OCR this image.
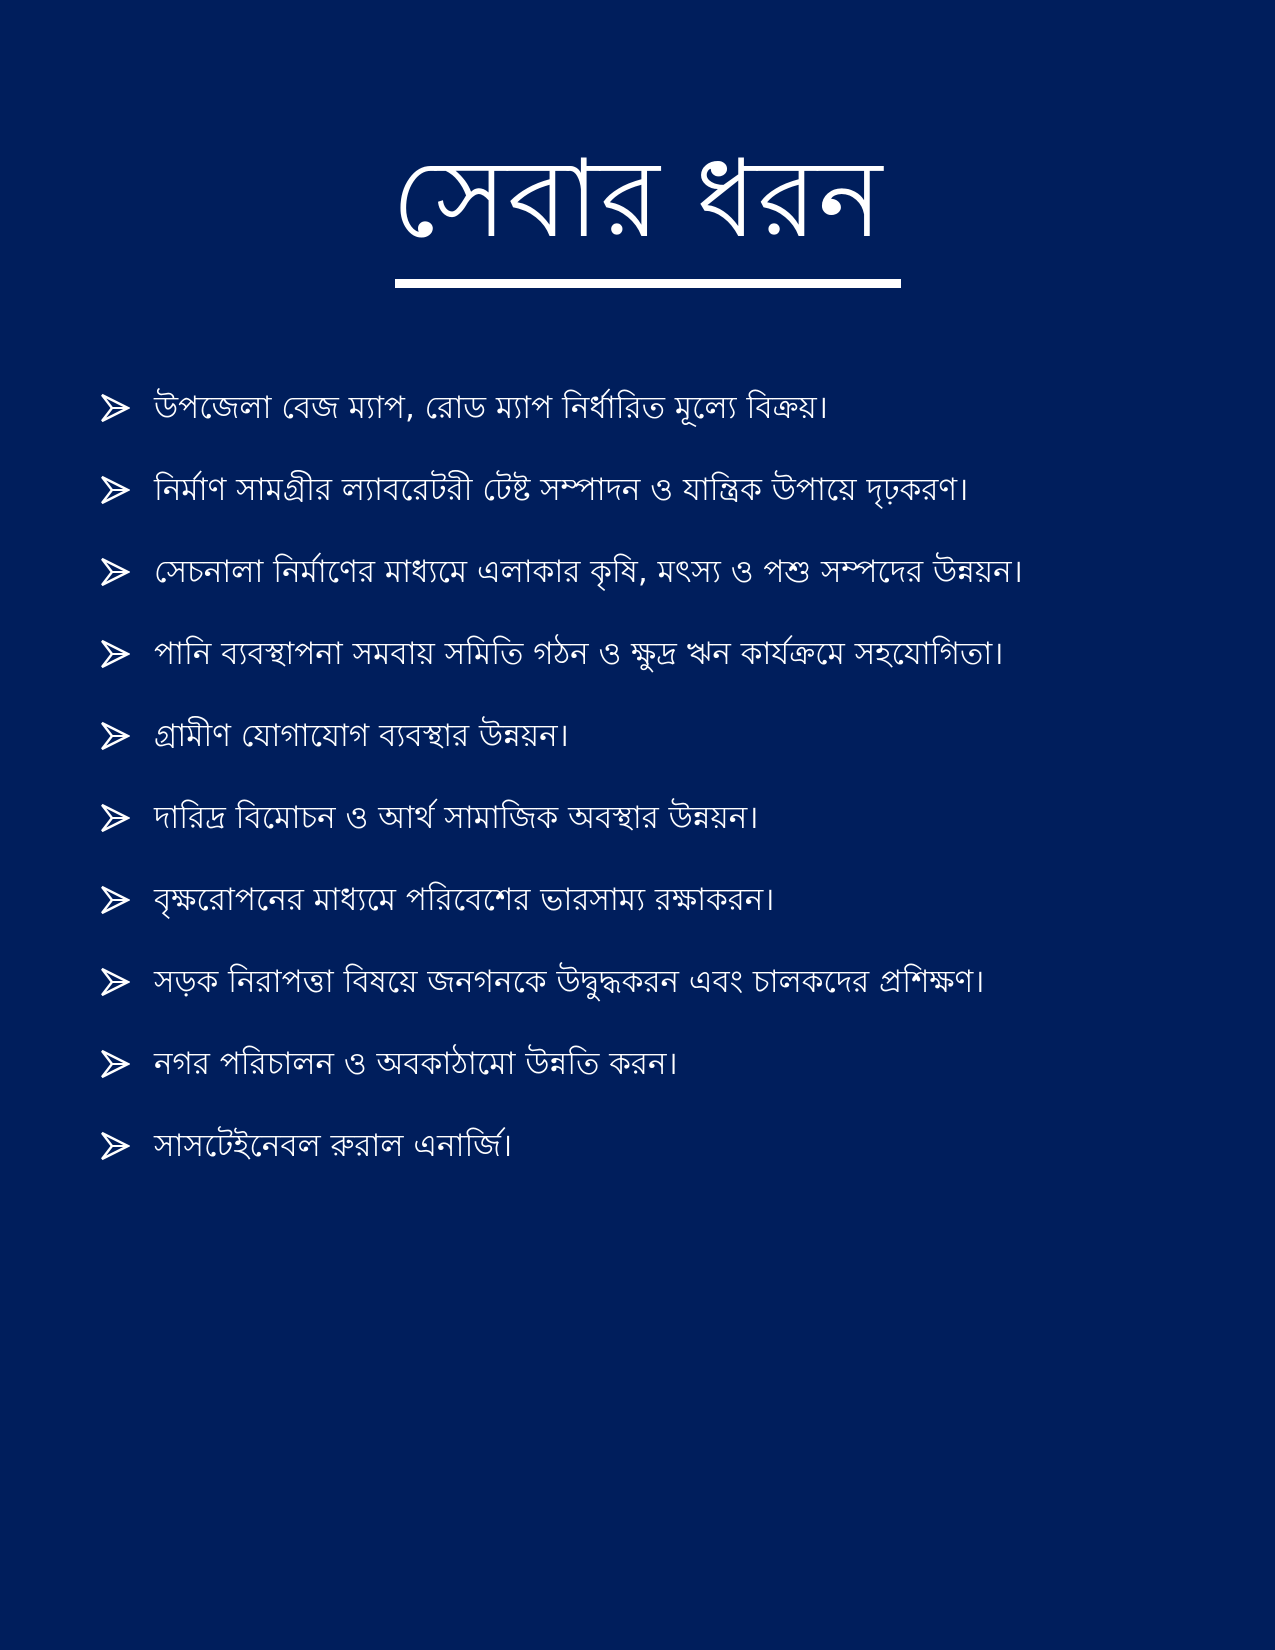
সেবার ধরন
উপজেলা বেজ ম্যাপ, রোড ম্যাপ নির্ধারিত মূল্যে বিক্রয়।
নির্মাণ সামগ্রীর ল্যাবরেটরী টেষ্ট সম্পাদন ও যান্ত্রিক উপায়ে দৃঢ়করণ।
সেচনালা নির্মাণের মাধ্যমে এলাকার কৃষি, মৎস্য ও পশু সম্পদের উন্নয়ন।
পানি ব্যবস্থাপনা সমবায় সমিতি গঠন ও ক্ষুদ্র ঋন কার্যক্রমে সহযোগিতা।
গ্রামীণ যোগাযোগ ব্যবস্থার উন্নয়ন।
দারিদ্র বিমোচন ও আর্থ সামাজিক অবস্থার উন্নয়ন।
বৃক্ষরোপনের মাধ্যমে পরিবেশের ভারসাম্য রক্ষাকরন।
সড়ক নিরাপত্তা বিষয়ে জনগনকে উদ্বুদ্ধকরন এবং চালকদের প্রশিক্ষণ।
নগর পরিচালন ও অবকাঠামো উন্নতি করন।
সাসটেইনেবল রুরাল এনার্জি।
